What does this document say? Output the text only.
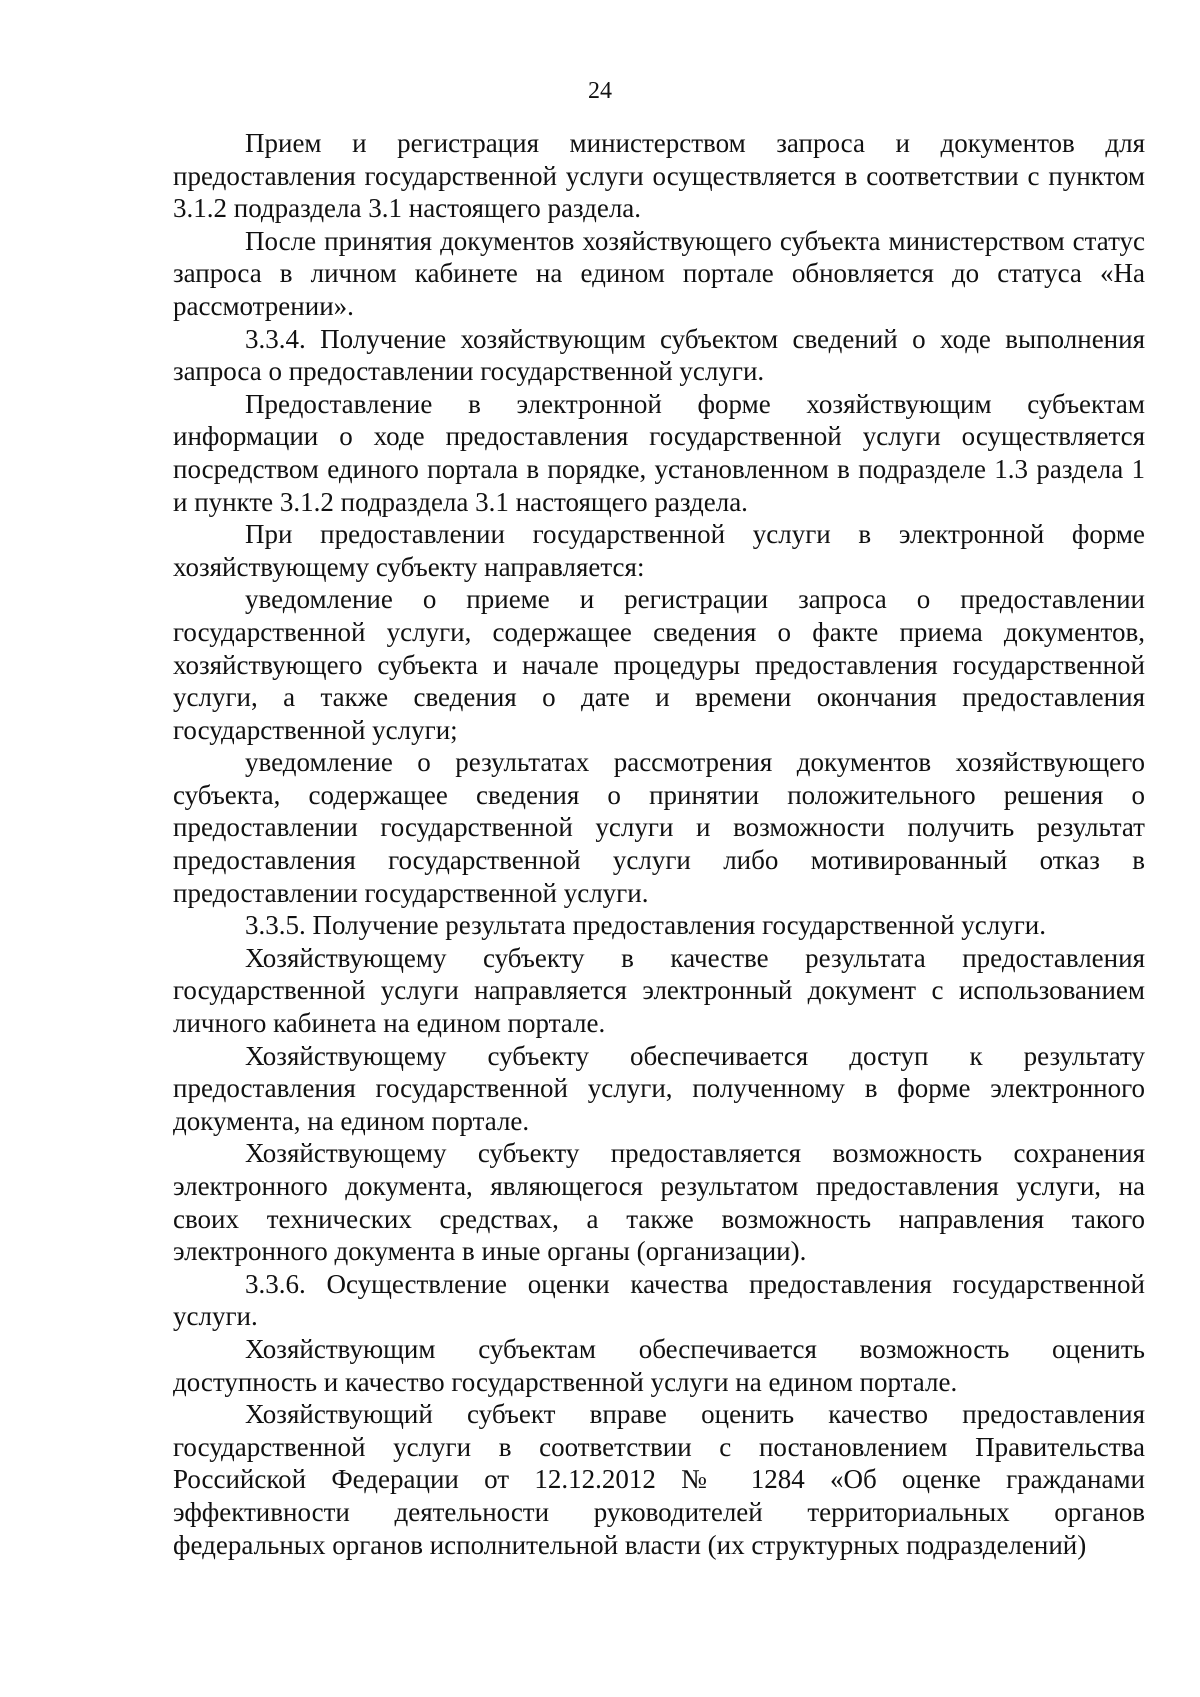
24

Прием и регистрация министерством запроса и документов для предоставления государственной услуги осуществляется в соответствии с пунктом 3.1.2 подраздела 3.1 настоящего раздела.

После принятия документов хозяйствующего субъекта министерством статус запроса в личном кабинете на едином портале обновляется до статуса «На рассмотрении».

3.3.4. Получение хозяйствующим субъектом сведений о ходе выполнения запроса о предоставлении государственной услуги.

Предоставление в электронной форме хозяйствующим субъектам информации о ходе предоставления государственной услуги осуществляется посредством единого портала в порядке, установленном в подразделе 1.3 раздела 1 и пункте 3.1.2 подраздела 3.1 настоящего раздела.

При предоставлении государственной услуги в электронной форме хозяйствующему субъекту направляется:

уведомление о приеме и регистрации запроса о предоставлении государственной услуги, содержащее сведения о факте приема документов, хозяйствующего субъекта и начале процедуры предоставления государственной услуги, а также сведения о дате и времени окончания предоставления государственной услуги;

уведомление о результатах рассмотрения документов хозяйствующего субъекта, содержащее сведения о принятии положительного решения о предоставлении государственной услуги и возможности получить результат предоставления государственной услуги либо мотивированный отказ в предоставлении государственной услуги.

3.3.5. Получение результата предоставления государственной услуги.

Хозяйствующему субъекту в качестве результата предоставления государственной услуги направляется электронный документ с использованием личного кабинета на едином портале.

Хозяйствующему субъекту обеспечивается доступ к результату предоставления государственной услуги, полученному в форме электронного документа, на едином портале.

Хозяйствующему субъекту предоставляется возможность сохранения электронного документа, являющегося результатом предоставления услуги, на своих технических средствах, а также возможность направления такого электронного документа в иные органы (организации).

3.3.6. Осуществление оценки качества предоставления государственной услуги.

Хозяйствующим субъектам обеспечивается возможность оценить доступность и качество государственной услуги на едином портале.

Хозяйствующий субъект вправе оценить качество предоставления государственной услуги в соответствии с постановлением Правительства Российской Федерации от 12.12.2012 № 1284 «Об оценке гражданами эффективности деятельности руководителей территориальных органов федеральных органов исполнительной власти (их структурных подразделений)
